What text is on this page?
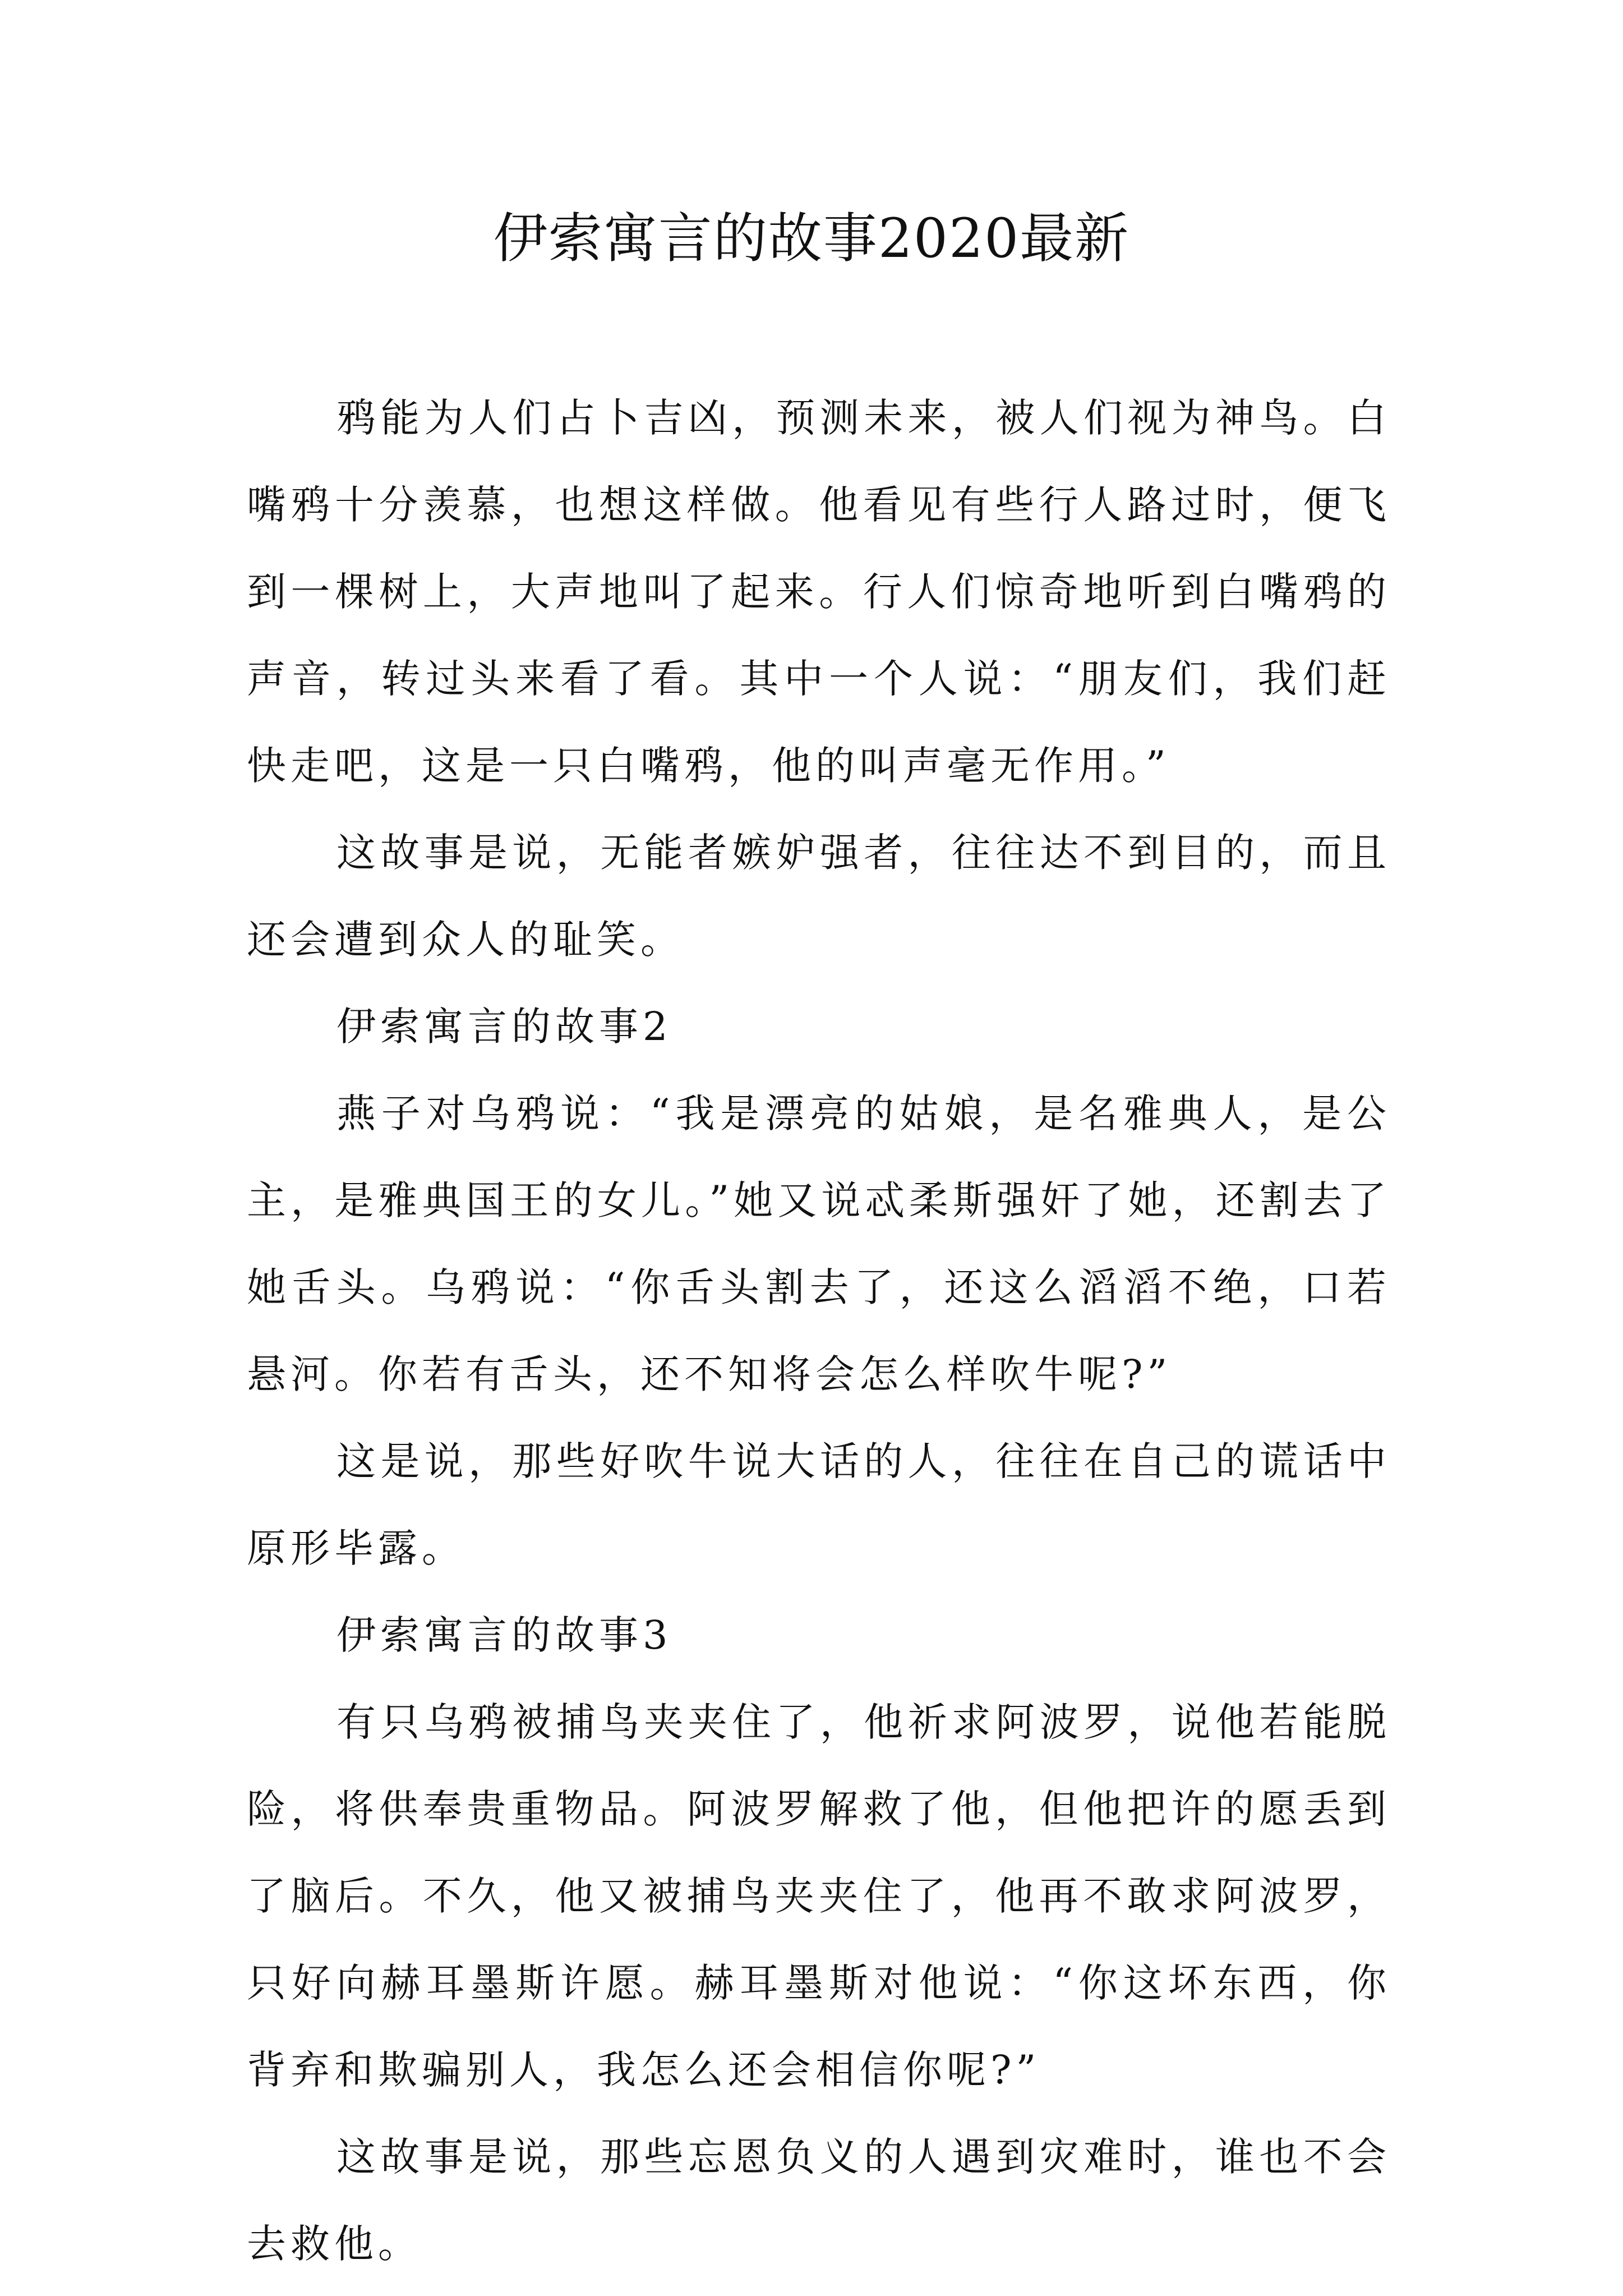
伊索寓言的故事2020最新

鸦能为人们占卜吉凶，预测未来，被人们视为神鸟。白嘴鸦十分羡慕，也想这样做。他看见有些行人路过时，便飞到一棵树上，大声地叫了起来。行人们惊奇地听到白嘴鸦的声音，转过头来看了看。其中一个人说：“朋友们，我们赶快走吧，这是一只白嘴鸦，他的叫声毫无作用。”

这故事是说，无能者嫉妒强者，往往达不到目的，而且还会遭到众人的耻笑。

伊索寓言的故事2

燕子对乌鸦说：“我是漂亮的姑娘，是名雅典人，是公主，是雅典国王的女儿。”她又说忒柔斯强奸了她，还割去了她舌头。乌鸦说：“你舌头割去了，还这么滔滔不绝，口若悬河。你若有舌头，还不知将会怎么样吹牛呢?”

这是说，那些好吹牛说大话的人，往往在自己的谎话中原形毕露。

伊索寓言的故事3

有只乌鸦被捕鸟夹夹住了，他祈求阿波罗，说他若能脱险，将供奉贵重物品。阿波罗解救了他，但他把许的愿丢到了脑后。不久，他又被捕鸟夹夹住了，他再不敢求阿波罗，只好向赫耳墨斯许愿。赫耳墨斯对他说：“你这坏东西，你背弃和欺骗别人，我怎么还会相信你呢?”

这故事是说，那些忘恩负义的人遇到灾难时，谁也不会去救他。
